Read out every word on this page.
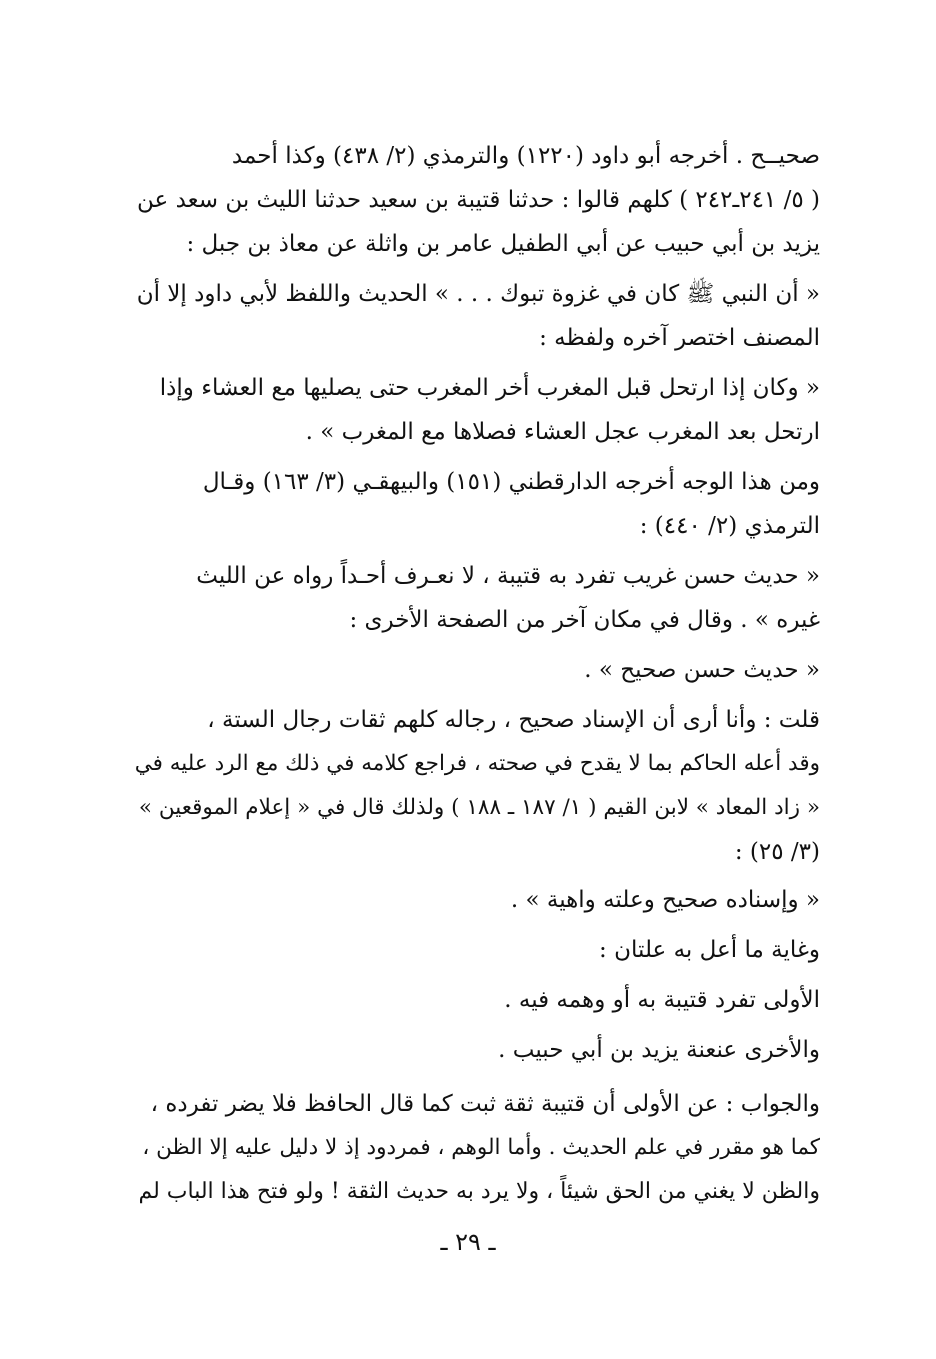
صحيــح . أخرجه أبو داود (١٢٢٠) والترمذي (٢/ ٤٣٨) وكذا أحمد
( ٥/ ٢٤١ـ٢٤٢ ) كلهم قالوا : حدثنا قتيبة بن سعيد حدثنا الليث بن سعد عن
يزيد بن أبي حبيب عن أبي الطفيل عامر بن واثلة عن معاذ بن جبل :
« أن النبي ﷺ كان في غزوة تبوك . . . » الحديث واللفظ لأبي داود إلا أن
المصنف اختصر آخره ولفظه :
« وكان إذا ارتحل قبل المغرب أخر المغرب حتى يصليها مع العشاء وإذا
ارتحل بعد المغرب عجل العشاء فصلاها مع المغرب » .
ومن هذا الوجه أخرجه الدارقطني (١٥١) والبيهقـي (٣/ ١٦٣) وقـال
الترمذي (٢/ ٤٤٠) :
« حديث حسن غريب تفرد به قتيبة ، لا نعـرف أحـداً رواه عن الليث
غيره » . وقال في مكان آخر من الصفحة الأخرى :
« حديث حسن صحيح » .
قلت : وأنا أرى أن الإسناد صحيح ، رجاله كلهم ثقات رجال الستة ،
وقد أعله الحاكم بما لا يقدح في صحته ، فراجع كلامه في ذلك مع الرد عليه في
« زاد المعاد » لابن القيم ( ١/ ١٨٧ ـ ١٨٨ ) ولذلك قال في « إعلام الموقعين »
(٣/ ٢٥) :
« وإسناده صحيح وعلته واهية » .
وغاية ما أعل به علتان :
الأولى تفرد قتيبة به أو وهمه فيه .
والأخرى عنعنة يزيد بن أبي حبيب .
والجواب : عن الأولى أن قتيبة ثقة ثبت كما قال الحافظ فلا يضر تفرده ،
كما هو مقرر في علم الحديث . وأما الوهم ، فمردود إذ لا دليل عليه إلا الظن ،
والظن لا يغني من الحق شيئاً ، ولا يرد به حديث الثقة ! ولو فتح هذا الباب لم
ـ ٢٩ ـ
